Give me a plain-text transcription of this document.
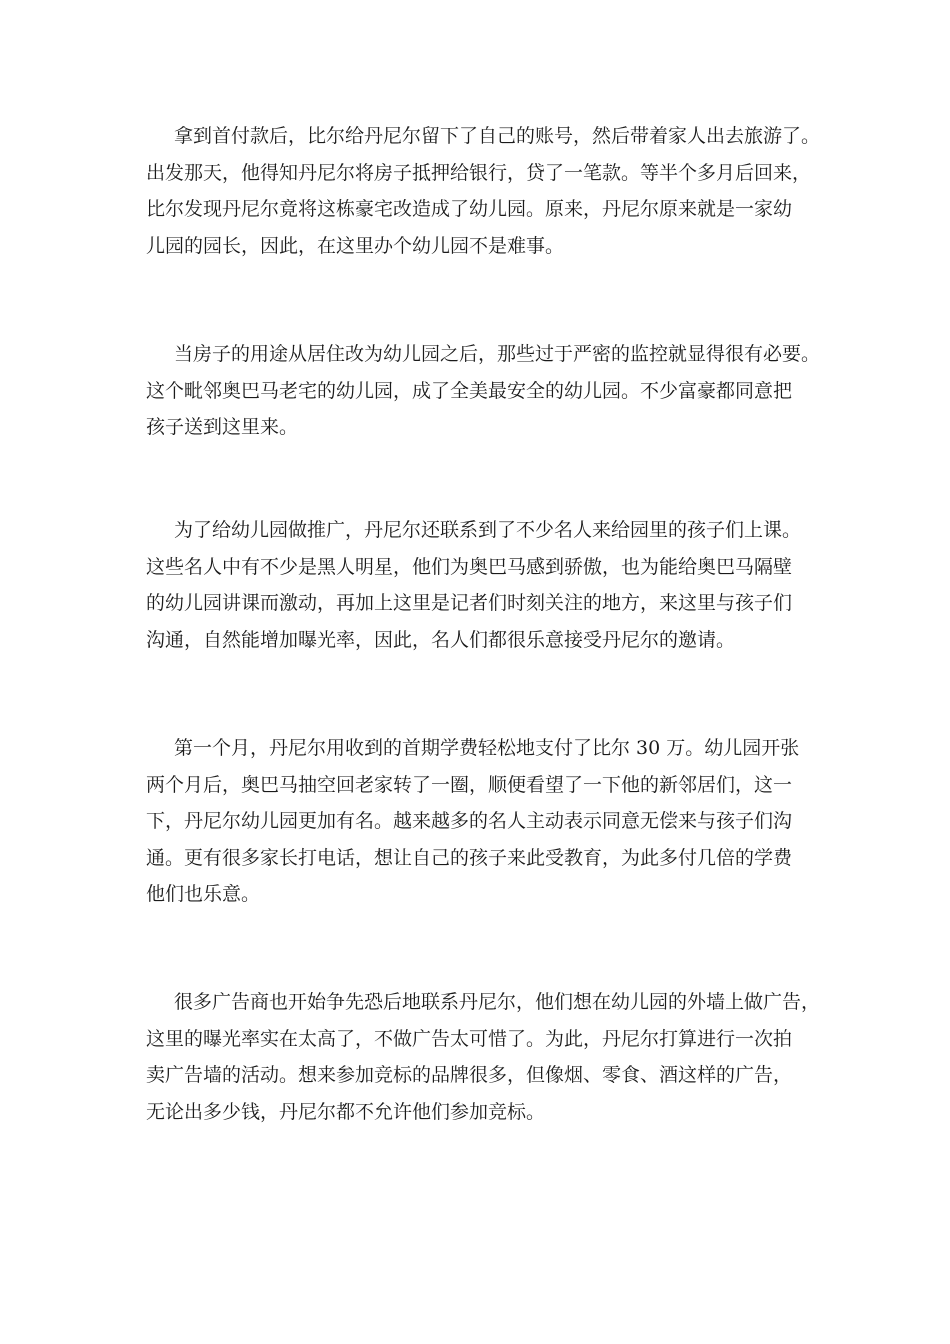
拿到首付款后，比尔给丹尼尔留下了自己的账号，然后带着家人出去旅游了。
出发那天，他得知丹尼尔将房子抵押给银行，贷了一笔款。等半个多月后回来，
比尔发现丹尼尔竟将这栋豪宅改造成了幼儿园。原来，丹尼尔原来就是一家幼
儿园的园长，因此，在这里办个幼儿园不是难事。
当房子的用途从居住改为幼儿园之后，那些过于严密的监控就显得很有必要。
这个毗邻奥巴马老宅的幼儿园，成了全美最安全的幼儿园。不少富豪都同意把
孩子送到这里来。
为了给幼儿园做推广，丹尼尔还联系到了不少名人来给园里的孩子们上课。
这些名人中有不少是黑人明星，他们为奥巴马感到骄傲，也为能给奥巴马隔壁
的幼儿园讲课而激动，再加上这里是记者们时刻关注的地方，来这里与孩子们
沟通，自然能增加曝光率，因此，名人们都很乐意接受丹尼尔的邀请。
第一个月，丹尼尔用收到的首期学费轻松地支付了比尔 30 万。幼儿园开张
两个月后，奥巴马抽空回老家转了一圈，顺便看望了一下他的新邻居们，这一
下，丹尼尔幼儿园更加有名。越来越多的名人主动表示同意无偿来与孩子们沟
通。更有很多家长打电话，想让自己的孩子来此受教育，为此多付几倍的学费
他们也乐意。
很多广告商也开始争先恐后地联系丹尼尔，他们想在幼儿园的外墙上做广告，
这里的曝光率实在太高了，不做广告太可惜了。为此，丹尼尔打算进行一次拍
卖广告墙的活动。想来参加竞标的品牌很多，但像烟、零食、酒这样的广告，
无论出多少钱，丹尼尔都不允许他们参加竞标。
